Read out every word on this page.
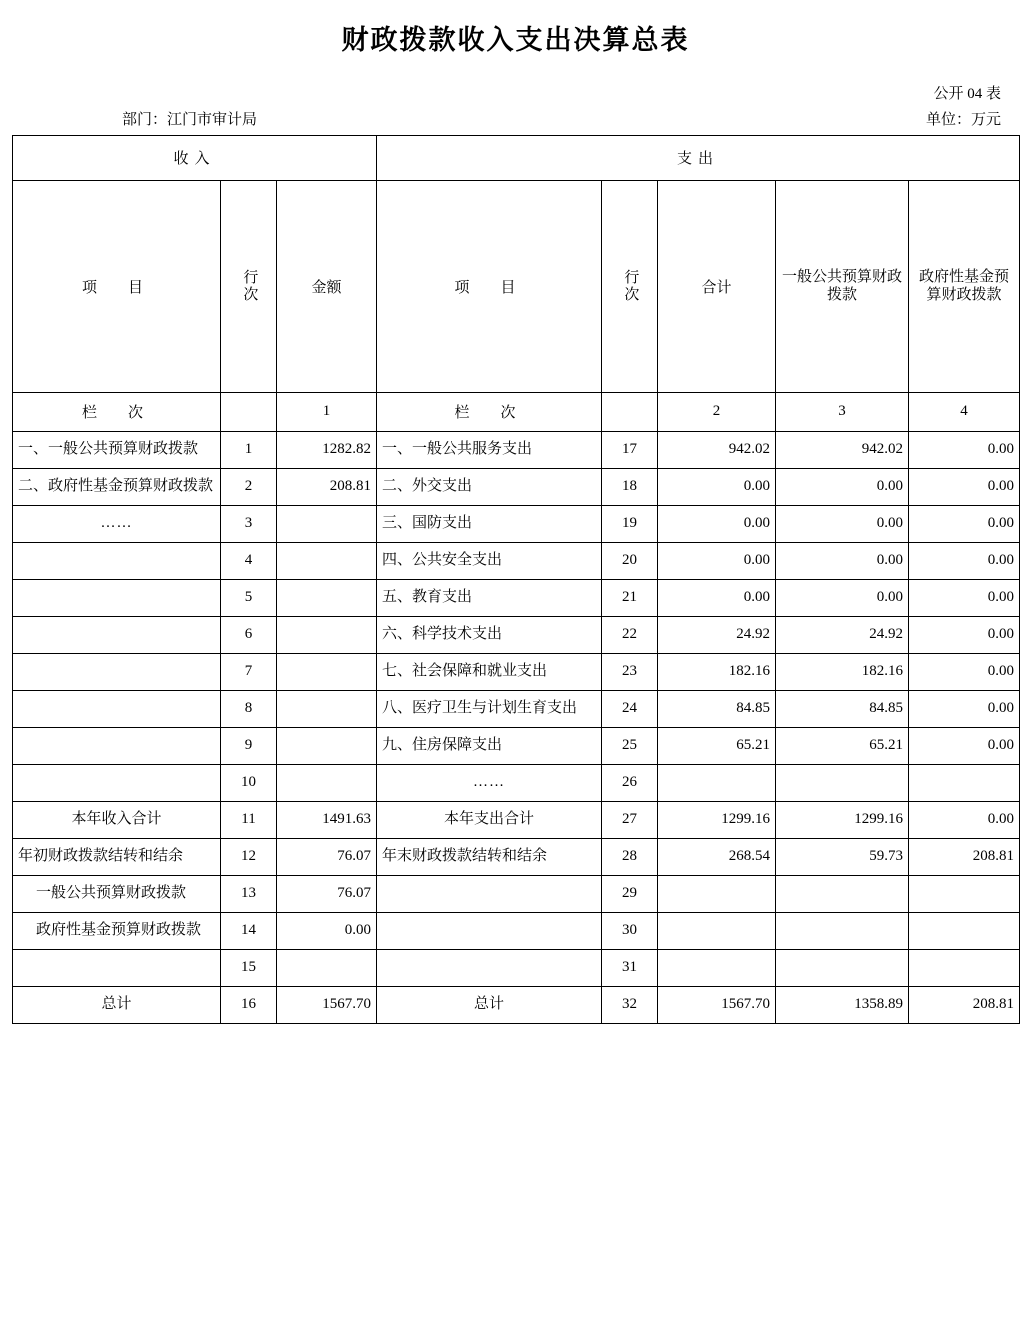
财政拨款收入支出决算总表
公开 04 表
部门：江门市审计局	单位：万元
收入			支出				
项　目	行次	金额	项　目	行次	合计	一般公共预算财政拨款	政府性基金预算财政拨款
栏　次		1	栏　次		2	3	4
一、一般公共预算财政拨款	1	1282.82	一、一般公共服务支出	17	942.02	942.02	0.00
二、政府性基金预算财政拨款	2	208.81	二、外交支出	18	0.00	0.00	0.00
……	3		三、国防支出	19	0.00	0.00	0.00
	4		四、公共安全支出	20	0.00	0.00	0.00
	5		五、教育支出	21	0.00	0.00	0.00
	6		六、科学技术支出	22	24.92	24.92	0.00
	7		七、社会保障和就业支出	23	182.16	182.16	0.00
	8		八、医疗卫生与计划生育支出	24	84.85	84.85	0.00
	9		九、住房保障支出	25	65.21	65.21	0.00
	10		……	26			
本年收入合计	11	1491.63	本年支出合计	27	1299.16	1299.16	0.00
年初财政拨款结转和结余	12	76.07	年末财政拨款结转和结余	28	268.54	59.73	208.81
一般公共预算财政拨款	13	76.07		29			
政府性基金预算财政拨款	14	0.00		30			
	15			31			
总计	16	1567.70	总计	32	1567.70	1358.89	208.81
